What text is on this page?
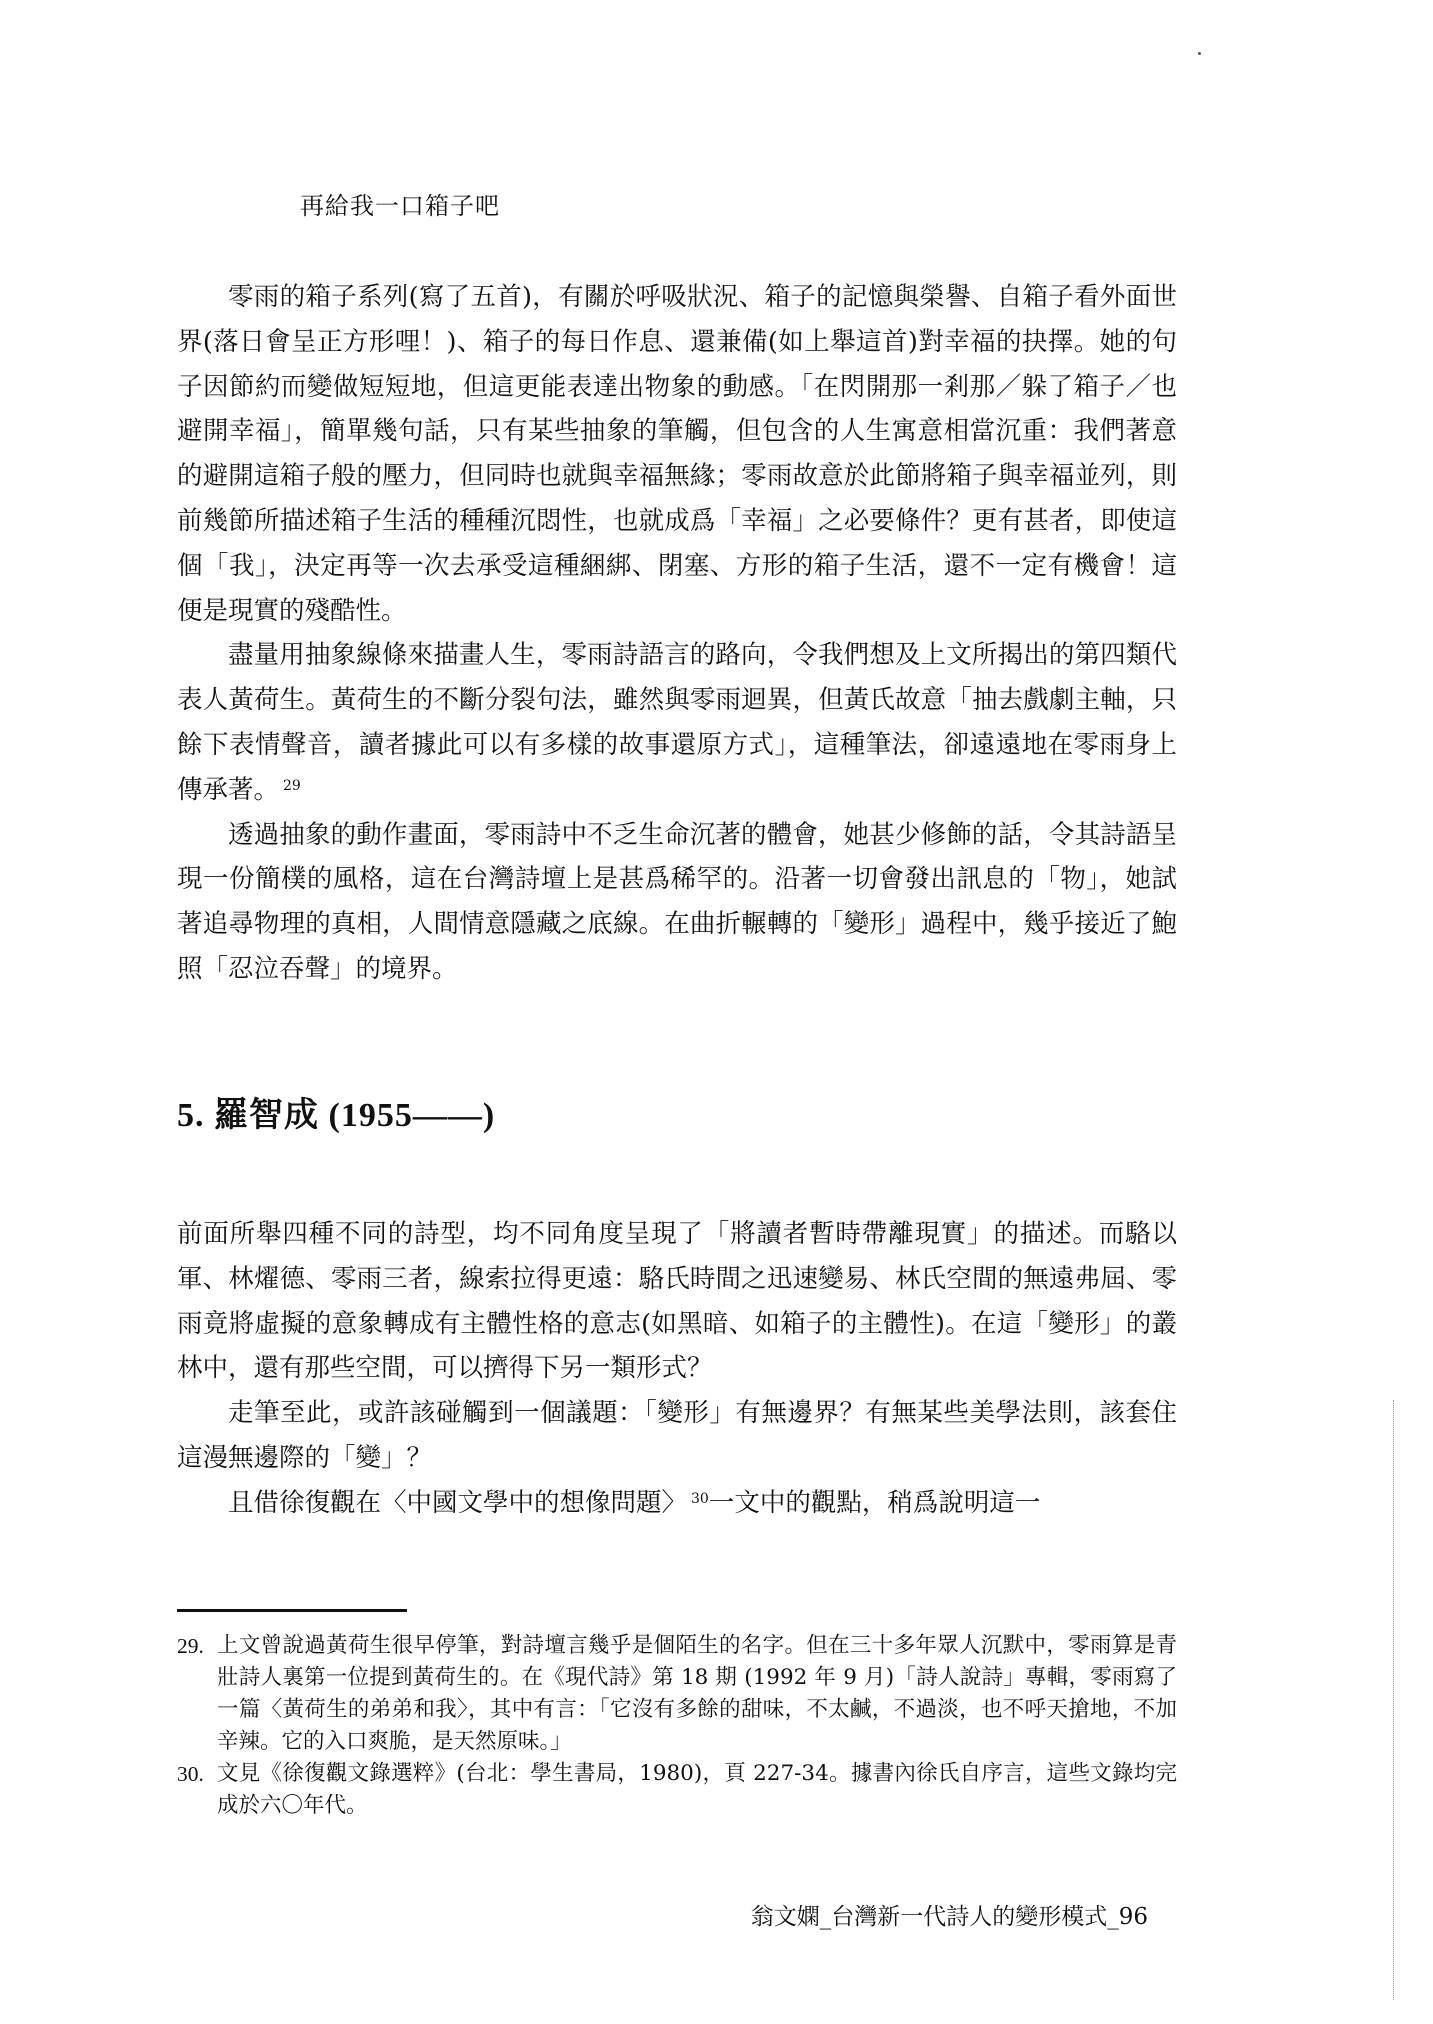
再給我一口箱子吧

零雨的箱子系列(寫了五首)，有關於呼吸狀況、箱子的記憶與榮譽、自箱子看外面世界(落日會呈正方形哩！)、箱子的每日作息、還兼備(如上舉這首)對幸福的抉擇。她的句子因節約而變做短短地，但這更能表達出物象的動感。「在閃開那一剎那／躲了箱子／也避開幸福」，簡單幾句話，只有某些抽象的筆觸，但包含的人生寓意相當沉重：我們著意的避開這箱子般的壓力，但同時也就與幸福無緣；零雨故意於此節將箱子與幸福並列，則前幾節所描述箱子生活的種種沉悶性，也就成爲「幸福」之必要條件？更有甚者，即使這個「我」，決定再等一次去承受這種綑綁、閉塞、方形的箱子生活，還不一定有機會！這便是現實的殘酷性。

盡量用抽象線條來描畫人生，零雨詩語言的路向，令我們想及上文所揭出的第四類代表人黃荷生。黃荷生的不斷分裂句法，雖然與零雨迴異，但黃氏故意「抽去戲劇主軸，只餘下表情聲音，讀者據此可以有多樣的故事還原方式」，這種筆法，卻遠遠地在零雨身上傳承著。 $^{29}$

透過抽象的動作畫面，零雨詩中不乏生命沉著的體會，她甚少修飾的話，令其詩語呈現一份簡樸的風格，這在台灣詩壇上是甚爲稀罕的。沿著一切會發出訊息的「物」，她試著追尋物理的真相，人間情意隱藏之底線。在曲折輾轉的「變形」過程中，幾乎接近了鮑照「忍泣吞聲」的境界。

5. 羅智成 (1955——)

前面所舉四種不同的詩型，均不同角度呈現了「將讀者暫時帶離現實」的描述。而駱以軍、林燿德、零雨三者，線索拉得更遠：駱氏時間之迅速變易、林氏空間的無遠弗屆、零雨竟將虛擬的意象轉成有主體性格的意志(如黑暗、如箱子的主體性)。在這「變形」的叢林中，還有那些空間，可以擠得下另一類形式？

走筆至此，或許該碰觸到一個議題：「變形」有無邊界？有無某些美學法則，該套住這漫無邊際的「變」？

且借徐復觀在〈中國文學中的想像問題〉 $^{30}$一文中的觀點，稍爲說明這一

29. 上文曾說過黃荷生很早停筆，對詩壇言幾乎是個陌生的名字。但在三十多年眾人沉默中，零雨算是青壯詩人裏第一位提到黃荷生的。在《現代詩》第 18 期 (1992 年 9 月)「詩人說詩」專輯，零雨寫了一篇〈黃荷生的弟弟和我〉，其中有言：「它沒有多餘的甜味，不太鹹，不過淡，也不呼天搶地，不加辛辣。它的入口爽脆，是天然原味。」
30. 文見《徐復觀文錄選粹》(台北：學生書局，1980)，頁 227-34。據書內徐氏自序言，這些文錄均完成於六〇年代。
翁文嫻_台灣新一代詩人的變形模式_96
